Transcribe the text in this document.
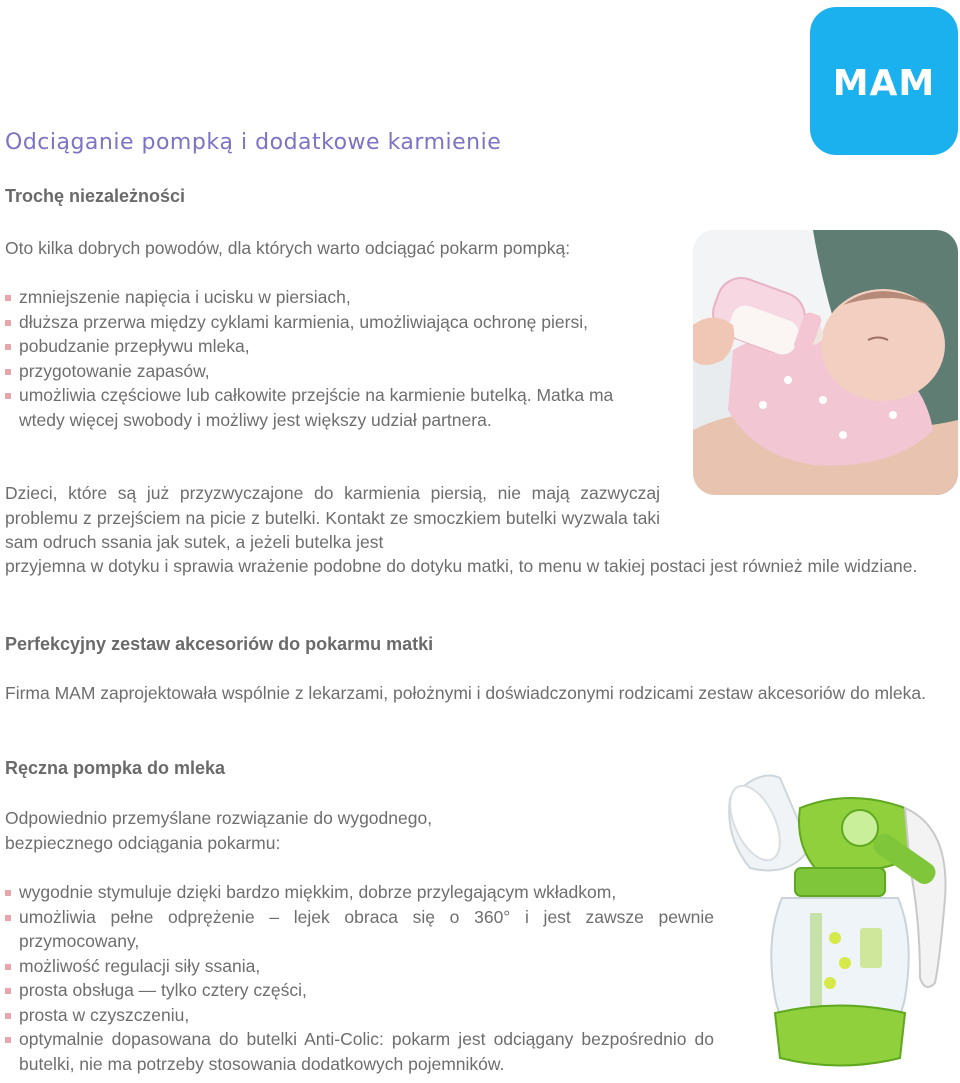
MAM
Odciąganie pompką i dodatkowe karmienie
Trochę niezależności
Oto kilka dobrych powodów, dla których warto odciągać pokarm pompką:
zmniejszenie napięcia i ucisku w piersiach,
dłuższa przerwa między cyklami karmienia, umożliwiająca ochronę piersi,
pobudzanie przepływu mleka,
przygotowanie zapasów,
umożliwia częściowe lub całkowite przejście na karmienie butelką. Matka ma wtedy więcej swobody i możliwy jest większy udział partnera.
Dzieci, które są już przyzwyczajone do karmienia piersią, nie mają zazwyczaj problemu z przejściem na picie z butelki. Kontakt ze smoczkiem butelki wyzwala taki sam odruch ssania jak sutek, a jeżeli butelka jest
przyjemna w dotyku i sprawia wrażenie podobne do dotyku matki, to menu w takiej postaci jest również mile widziane.
Perfekcyjny zestaw akcesoriów do pokarmu matki
Firma MAM zaprojektowała wspólnie z lekarzami, położnymi i doświadczonymi rodzicami zestaw akcesoriów do mleka.
Ręczna pompka do mleka
Odpowiednio przemyślane rozwiązanie do wygodnego, bezpiecznego odciągania pokarmu:
wygodnie stymuluje dzięki bardzo miękkim, dobrze przylegającym wkładkom,
umożliwia pełne odprężenie – lejek obraca się o 360° i jest zawsze pewnie przymocowany,
możliwość regulacji siły ssania,
prosta obsługa — tylko cztery części,
prosta w czyszczeniu,
optymalnie dopasowana do butelki Anti-Colic: pokarm jest odciągany bezpośrednio do butelki, nie ma potrzeby stosowania dodatkowych pojemników.
